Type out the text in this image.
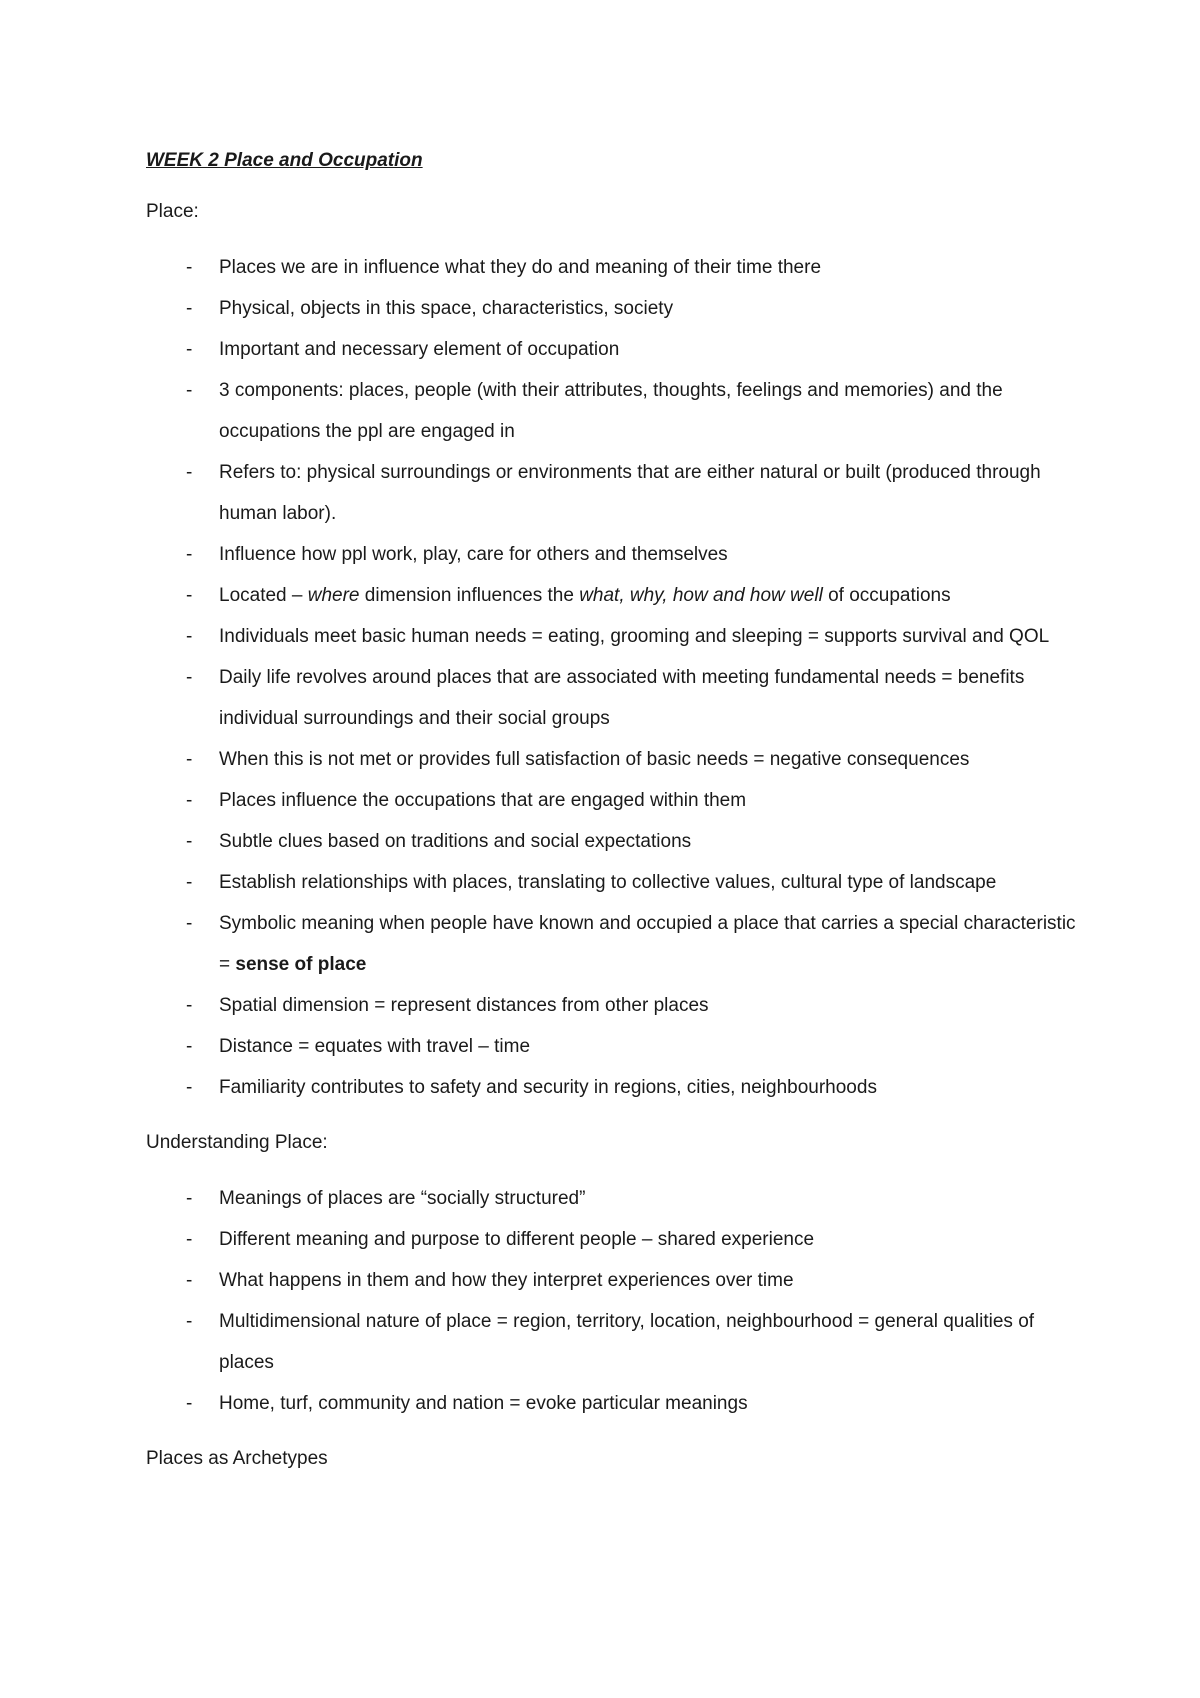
WEEK 2 Place and Occupation
Place:
- Places we are in influence what they do and meaning of their time there
- Physical, objects in this space, characteristics, society
- Important and necessary element of occupation
- 3 components: places, people (with their attributes, thoughts, feelings and memories) and the occupations the ppl are engaged in
- Refers to: physical surroundings or environments that are either natural or built (produced through human labor).
- Influence how ppl work, play, care for others and themselves
- Located – where dimension influences the what, why, how and how well of occupations
- Individuals meet basic human needs = eating, grooming and sleeping = supports survival and QOL
- Daily life revolves around places that are associated with meeting fundamental needs = benefits individual surroundings and their social groups
- When this is not met or provides full satisfaction of basic needs = negative consequences
- Places influence the occupations that are engaged within them
- Subtle clues based on traditions and social expectations
- Establish relationships with places, translating to collective values, cultural type of landscape
- Symbolic meaning when people have known and occupied a place that carries a special characteristic = sense of place
- Spatial dimension = represent distances from other places
- Distance = equates with travel – time
- Familiarity contributes to safety and security in regions, cities, neighbourhoods
Understanding Place:
- Meanings of places are “socially structured”
- Different meaning and purpose to different people – shared experience
- What happens in them and how they interpret experiences over time
- Multidimensional nature of place = region, territory, location, neighbourhood = general qualities of places
- Home, turf, community and nation = evoke particular meanings
Places as Archetypes
